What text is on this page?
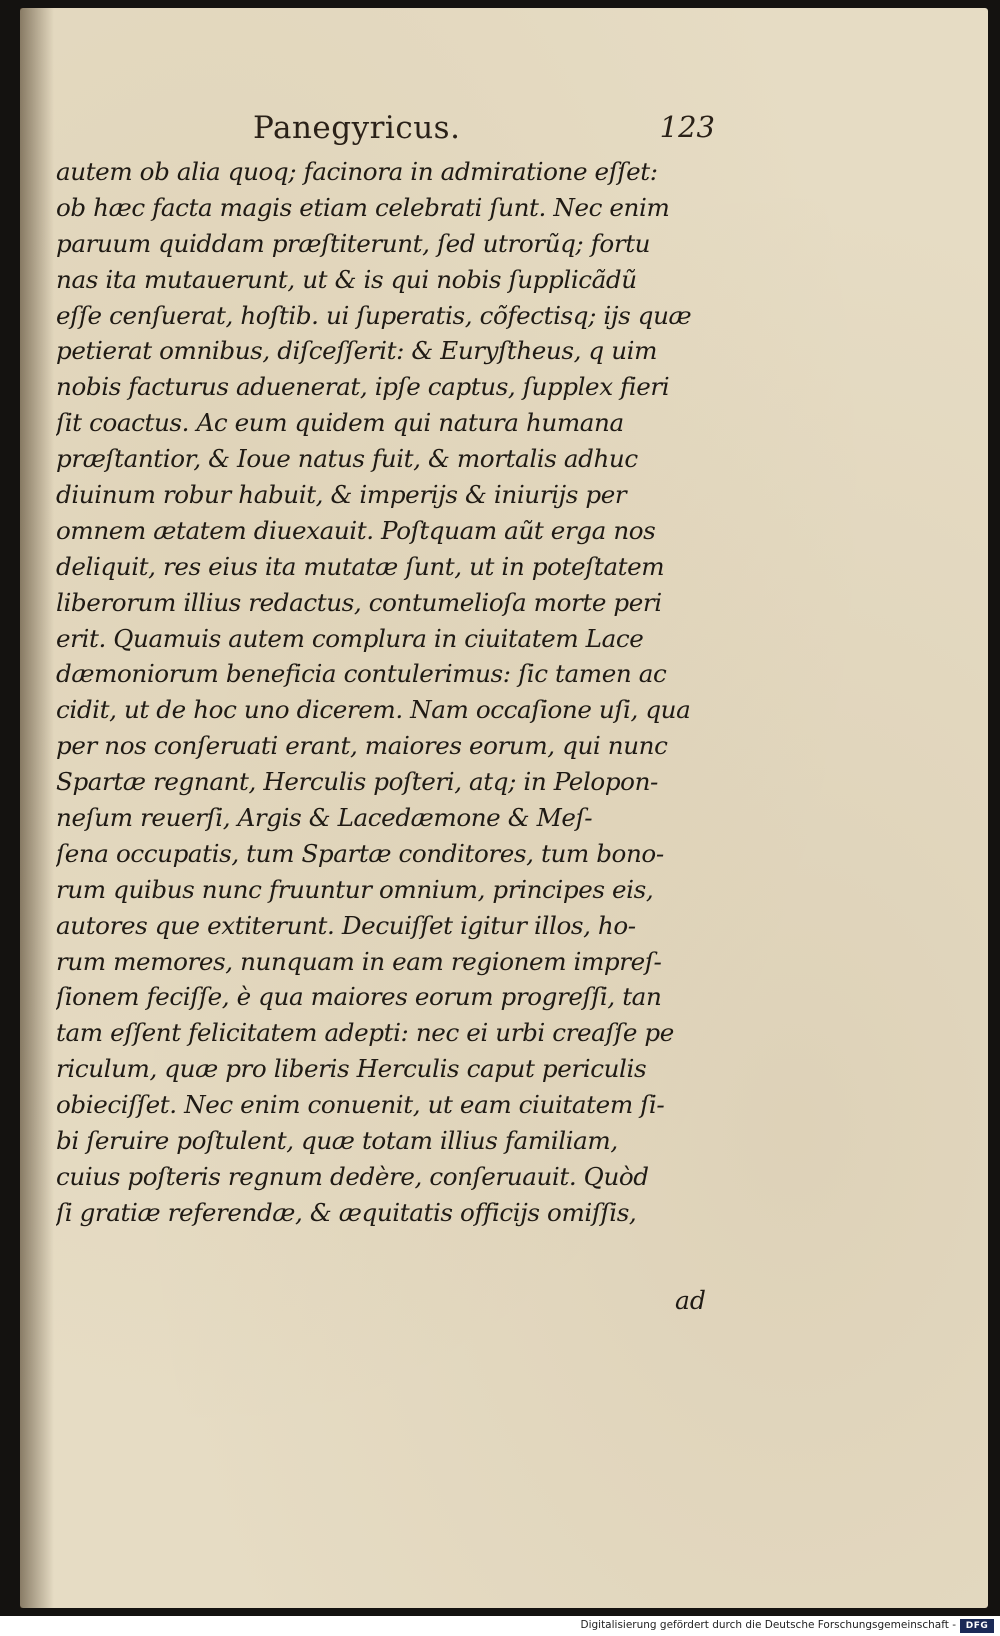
Panegyricus.	123
autem ob alia quoq; facinora in admiratione eſſet:
ob hæc facta magis etiam celebrati ſunt. Nec enim
paruum quiddam præſtiterunt, ſed utrorũq; fortu
nas ita mutauerunt, ut & is qui nobis ſupplicãdũ
eſſe cenſuerat, hoſtib. ui ſuperatis, cõfectisq; ijs quæ
petierat omnibus, diſceſſerit: & Euryſtheus, q uim
nobis facturus aduenerat, ipſe captus, ſupplex fieri
ſit coactus. Ac eum quidem qui natura humana
præſtantior, & Ioue natus fuit, & mortalis adhuc
diuinum robur habuit, & imperijs & iniurijs per
omnem ætatem diuexauit. Poſtquam aũt erga nos
deliquit, res eius ita mutatæ ſunt, ut in poteſtatem
liberorum illius redactus, contumelioſa morte peri
erit. Quamuis autem complura in ciuitatem Lace
dæmoniorum beneficia contulerimus: ſic tamen ac
cidit, ut de hoc uno dicerem. Nam occaſione uſi, qua
per nos conſeruati erant, maiores eorum, qui nunc
Spartæ regnant, Herculis poſteri, atq; in Pelopon-
neſum reuerſi, Argis & Lacedæmone & Meſ-
ſena occupatis, tum Spartæ conditores, tum bono-
rum quibus nunc fruuntur omnium, principes eis,
autores que extiterunt. Decuiſſet igitur illos, ho-
rum memores, nunquam in eam regionem impreſ-
ſionem feciſſe, è qua maiores eorum progreſſi, tan
tam eſſent felicitatem adepti: nec ei urbi creaſſe pe
riculum, quæ pro liberis Herculis caput periculis
obieciſſet. Nec enim conuenit, ut eam ciuitatem ſi-
bi ſeruire poſtulent, quæ totam illius familiam,
cuius poſteris regnum dedère, conſeruauit. Quòd
ſi gratiæ referendæ, & æquitatis officijs omiſſis,
ad
Digitalisierung gefördert durch die Deutsche Forschungsgemeinschaft -	DFG
